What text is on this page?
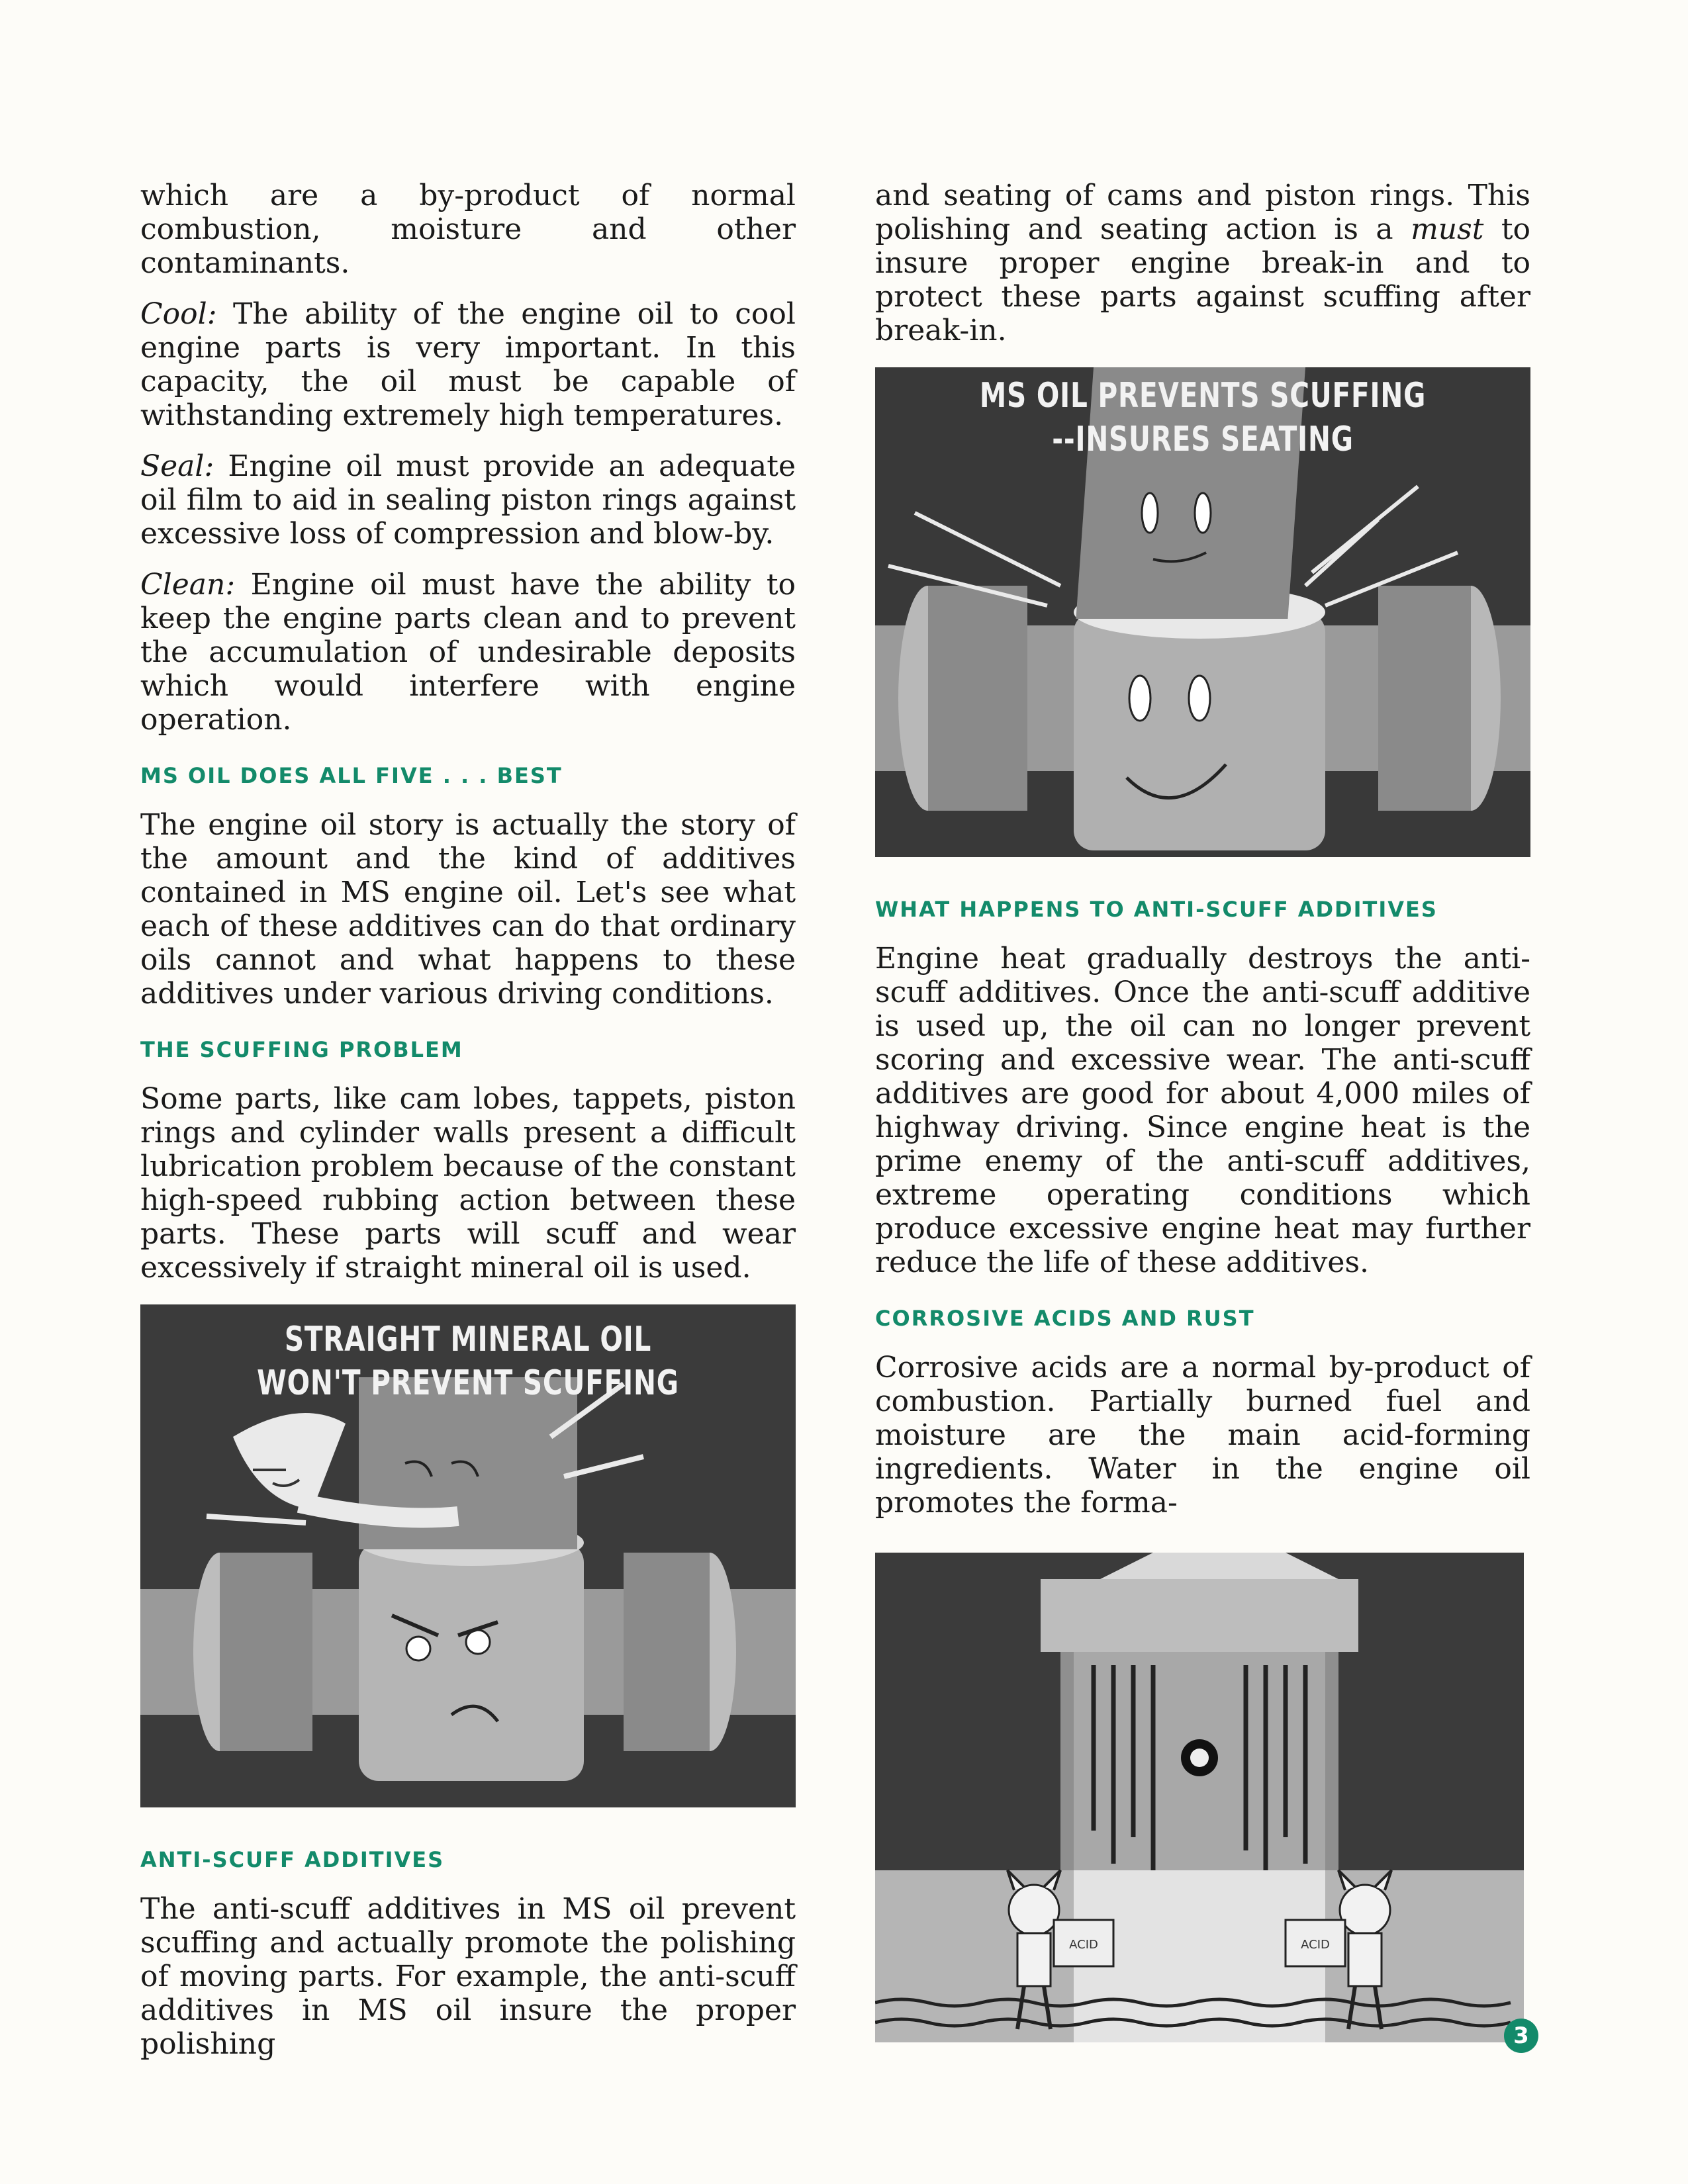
which are a by-product of normal combustion, moisture and other contaminants.

Cool: The ability of the engine oil to cool engine parts is very important. In this capacity, the oil must be capable of withstanding extremely high temperatures.

Seal: Engine oil must provide an adequate oil film to aid in sealing piston rings against excessive loss of compression and blow-by.

Clean: Engine oil must have the ability to keep the engine parts clean and to prevent the accumulation of undesirable deposits which would interfere with engine operation.

MS OIL DOES ALL FIVE . . . BEST

The engine oil story is actually the story of the amount and the kind of additives contained in MS engine oil. Let's see what each of these additives can do that ordinary oils cannot and what happens to these additives under various driving conditions.

THE SCUFFING PROBLEM

Some parts, like cam lobes, tappets, piston rings and cylinder walls present a difficult lubrication problem because of the constant high-speed rubbing action between these parts. These parts will scuff and wear excessively if straight mineral oil is used.

STRAIGHT MINERAL OIL
WON'T PREVENT SCUFFING
ANTI-SCUFF ADDITIVES

The anti-scuff additives in MS oil prevent scuffing and actually promote the polishing of moving parts. For example, the anti-scuff additives in MS oil insure the proper polishing

and seating of cams and piston rings. This polishing and seating action is a must to insure proper engine break-in and to protect these parts against scuffing after break-in.

MS OIL PREVENTS SCUFFING
--INSURES SEATING
WHAT HAPPENS TO ANTI-SCUFF ADDITIVES

Engine heat gradually destroys the anti-scuff additives. Once the anti-scuff additive is used up, the oil can no longer prevent scoring and excessive wear. The anti-scuff additives are good for about 4,000 miles of highway driving. Since engine heat is the prime enemy of the anti-scuff additives, extreme operating conditions which produce excessive engine heat may further reduce the life of these additives.

CORROSIVE ACIDS AND RUST

Corrosive acids are a normal by-product of combustion. Partially burned fuel and moisture are the main acid-forming ingredients. Water in the engine oil promotes the forma-

ACID	ACID
3
